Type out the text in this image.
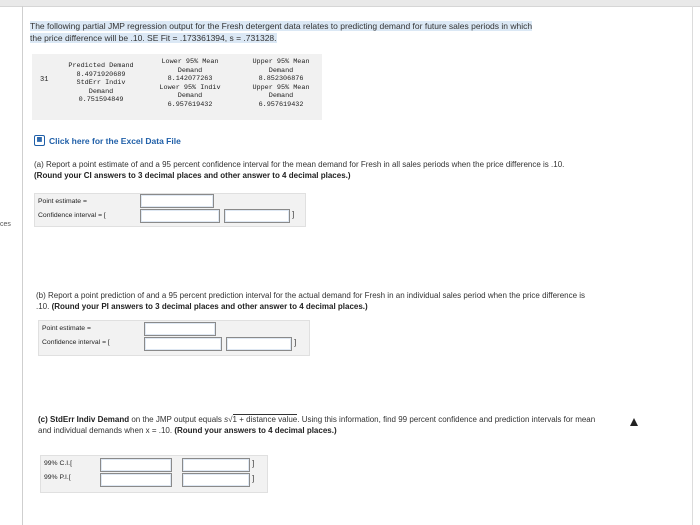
ces
The following partial JMP regression output for the Fresh detergent data relates to predicting demand for future sales periods in which
the price difference will be .10. SE Fit = .173361394, s = .731328.
31
Predicted Demand
8.4971920689
StdErr Indiv
Demand
0.751594849
Lower 95% Mean
Demand
8.142077263
Lower 95% Indiv
Demand
6.957619432
Upper 95% Mean
Demand
8.852306876
Upper 95% Mean
Demand
6.957619432
▦ Click here for the Excel Data File
(a) Report a point estimate of and a 95 percent confidence interval for the mean demand for Fresh in all sales periods when the price difference is .10. (Round your CI answers to 3 decimal places and other answer to 4 decimal places.)
Point estimate =
Confidence interval = [	]
(b) Report a point prediction of and a 95 percent prediction interval for the actual demand for Fresh in an individual sales period when the price difference is .10. (Round your PI answers to 3 decimal places and other answer to 4 decimal places.)
Point estimate =
Confidence interval = [	]
(c) StdErr Indiv Demand on the JMP output equals s√1 + distance value. Using this information, find 99 percent confidence and prediction intervals for mean and individual demands when x = .10. (Round your answers to 4 decimal places.)
99% C.I.[
99% P.I.[
]
]
